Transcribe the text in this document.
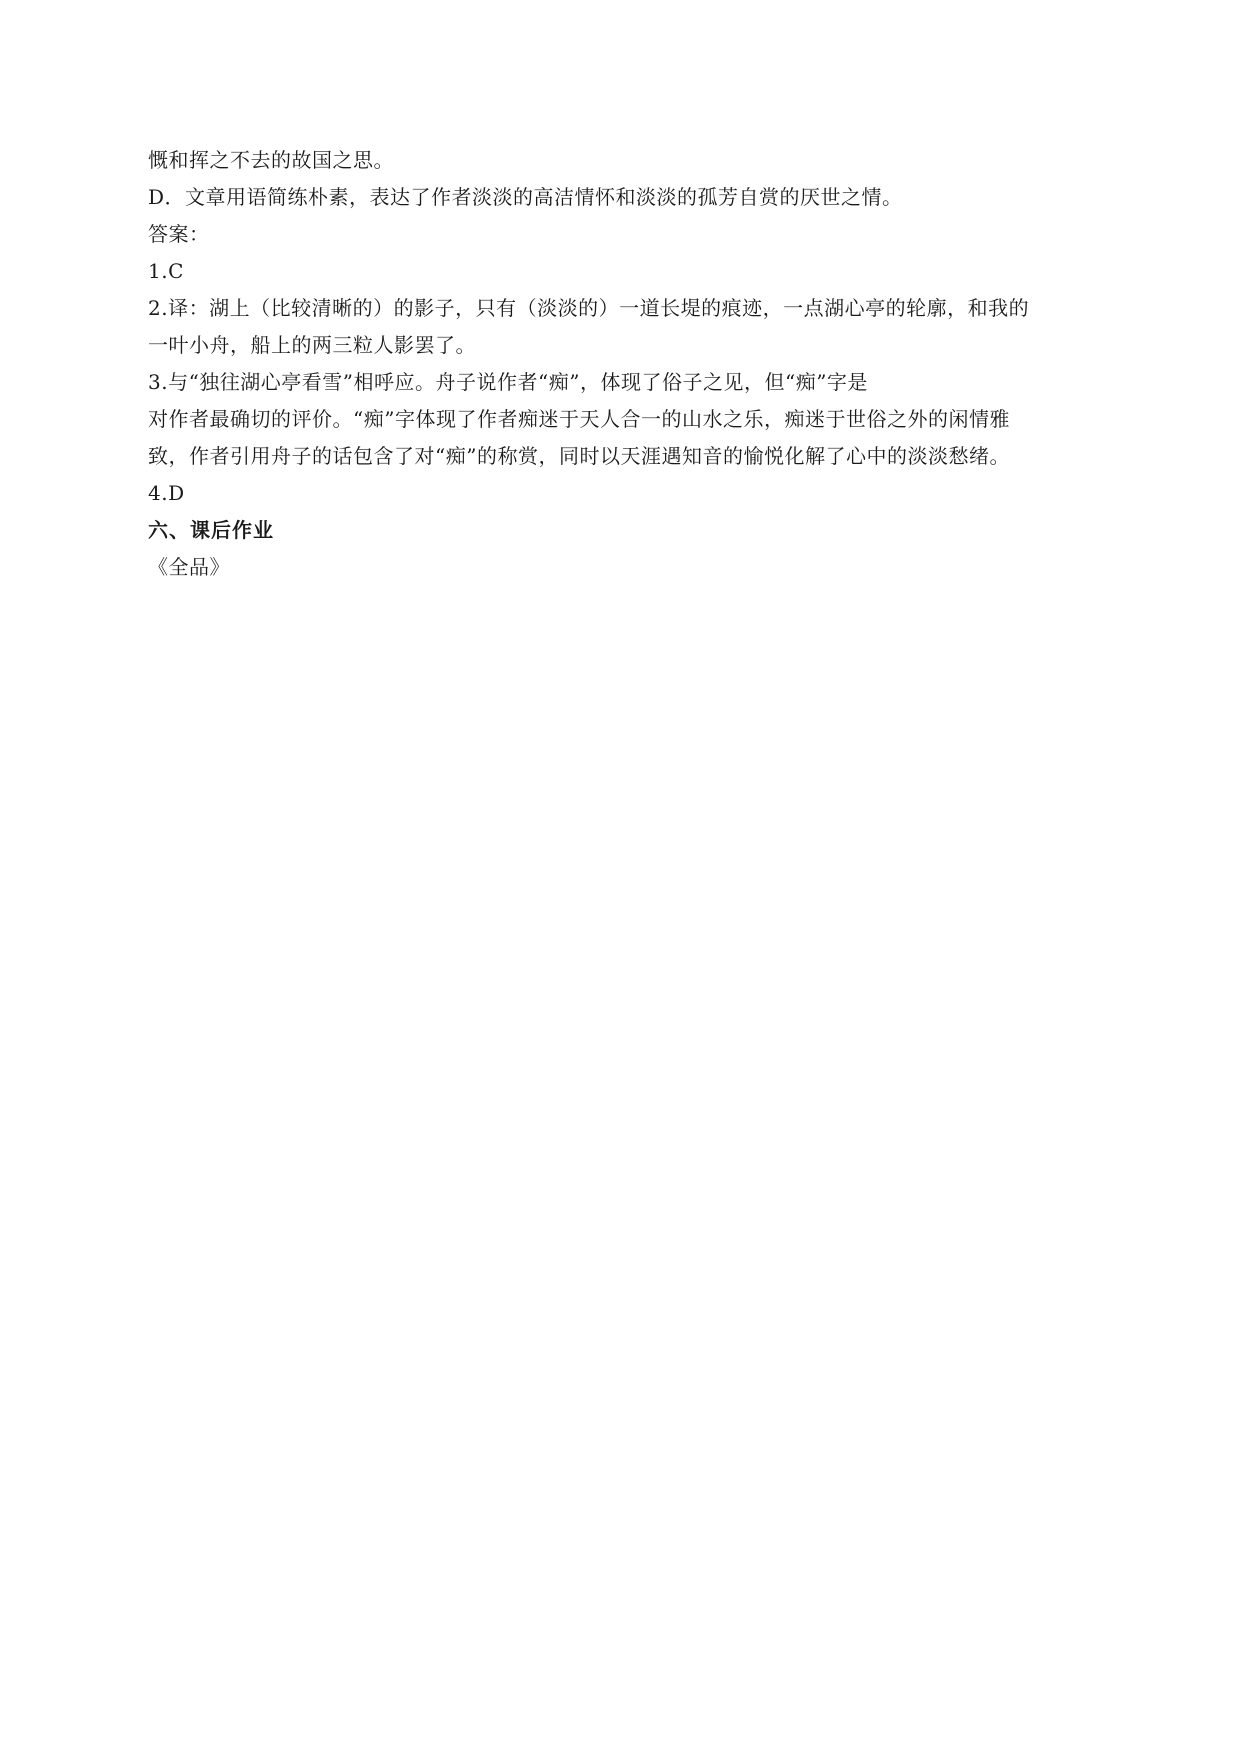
慨和挥之不去的故国之思。
D．文章用语简练朴素，表达了作者淡淡的高洁情怀和淡淡的孤芳自赏的厌世之情。
答案：
1.C
2.译：湖上（比较清晰的）的影子，只有（淡淡的）一道长堤的痕迹，一点湖心亭的轮廓，和我的
一叶小舟，船上的两三粒人影罢了。
3.与“独往湖心亭看雪”相呼应。舟子说作者“痴”，体现了俗子之见，但“痴”字是
对作者最确切的评价。“痴”字体现了作者痴迷于天人合一的山水之乐，痴迷于世俗之外的闲情雅
致，作者引用舟子的话包含了对“痴”的称赏，同时以天涯遇知音的愉悦化解了心中的淡淡愁绪。
4.D
六、课后作业
《全品》
